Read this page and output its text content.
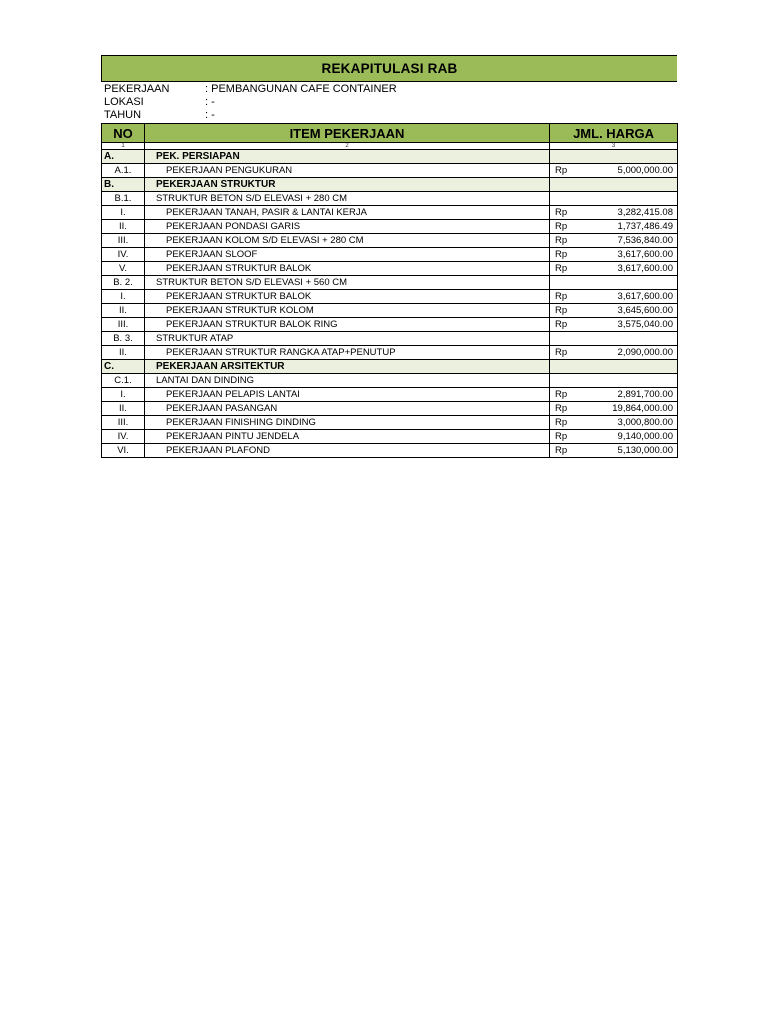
REKAPITULASI RAB
PEKERJAAN	: PEMBANGUNAN CAFE CONTAINER
LOKASI	: -
TAHUN	: -
NO	ITEM PEKERJAAN	JML. HARGA	
1	2	3	
A.	PEK. PERSIAPAN		
A.1.	PEKERJAAN PENGUKURAN	Rp	5,000,000.00
B.	PEKERJAAN STRUKTUR		
B.1.	STRUKTUR BETON S/D ELEVASI + 280 CM		
I.	PEKERJAAN TANAH, PASIR & LANTAI KERJA	Rp	3,282,415.08
II.	PEKERJAAN PONDASI GARIS	Rp	1,737,486.49
III.	PEKERJAAN KOLOM S/D ELEVASI + 280 CM	Rp	7,536,840.00
IV.	PEKERJAAN SLOOF	Rp	3,617,600.00
V.	PEKERJAAN STRUKTUR BALOK	Rp	3,617,600.00
B. 2.	STRUKTUR BETON S/D ELEVASI + 560 CM		
I.	PEKERJAAN STRUKTUR BALOK	Rp	3,617,600.00
II.	PEKERJAAN STRUKTUR KOLOM	Rp	3,645,600.00
III.	PEKERJAAN STRUKTUR BALOK RING	Rp	3,575,040.00
B. 3.	STRUKTUR ATAP		
II.	PEKERJAAN STRUKTUR RANGKA ATAP+PENUTUP	Rp	2,090,000.00
C.	PEKERJAAN ARSITEKTUR		
C.1.	LANTAI DAN DINDING		
I.	PEKERJAAN PELAPIS LANTAI	Rp	2,891,700.00
II.	PEKERJAAN PASANGAN	Rp	19,864,000.00
III.	PEKERJAAN FINISHING DINDING	Rp	3,000,800.00
IV.	PEKERJAAN PINTU JENDELA	Rp	9,140,000.00
VI.	PEKERJAAN PLAFOND	Rp	5,130,000.00
